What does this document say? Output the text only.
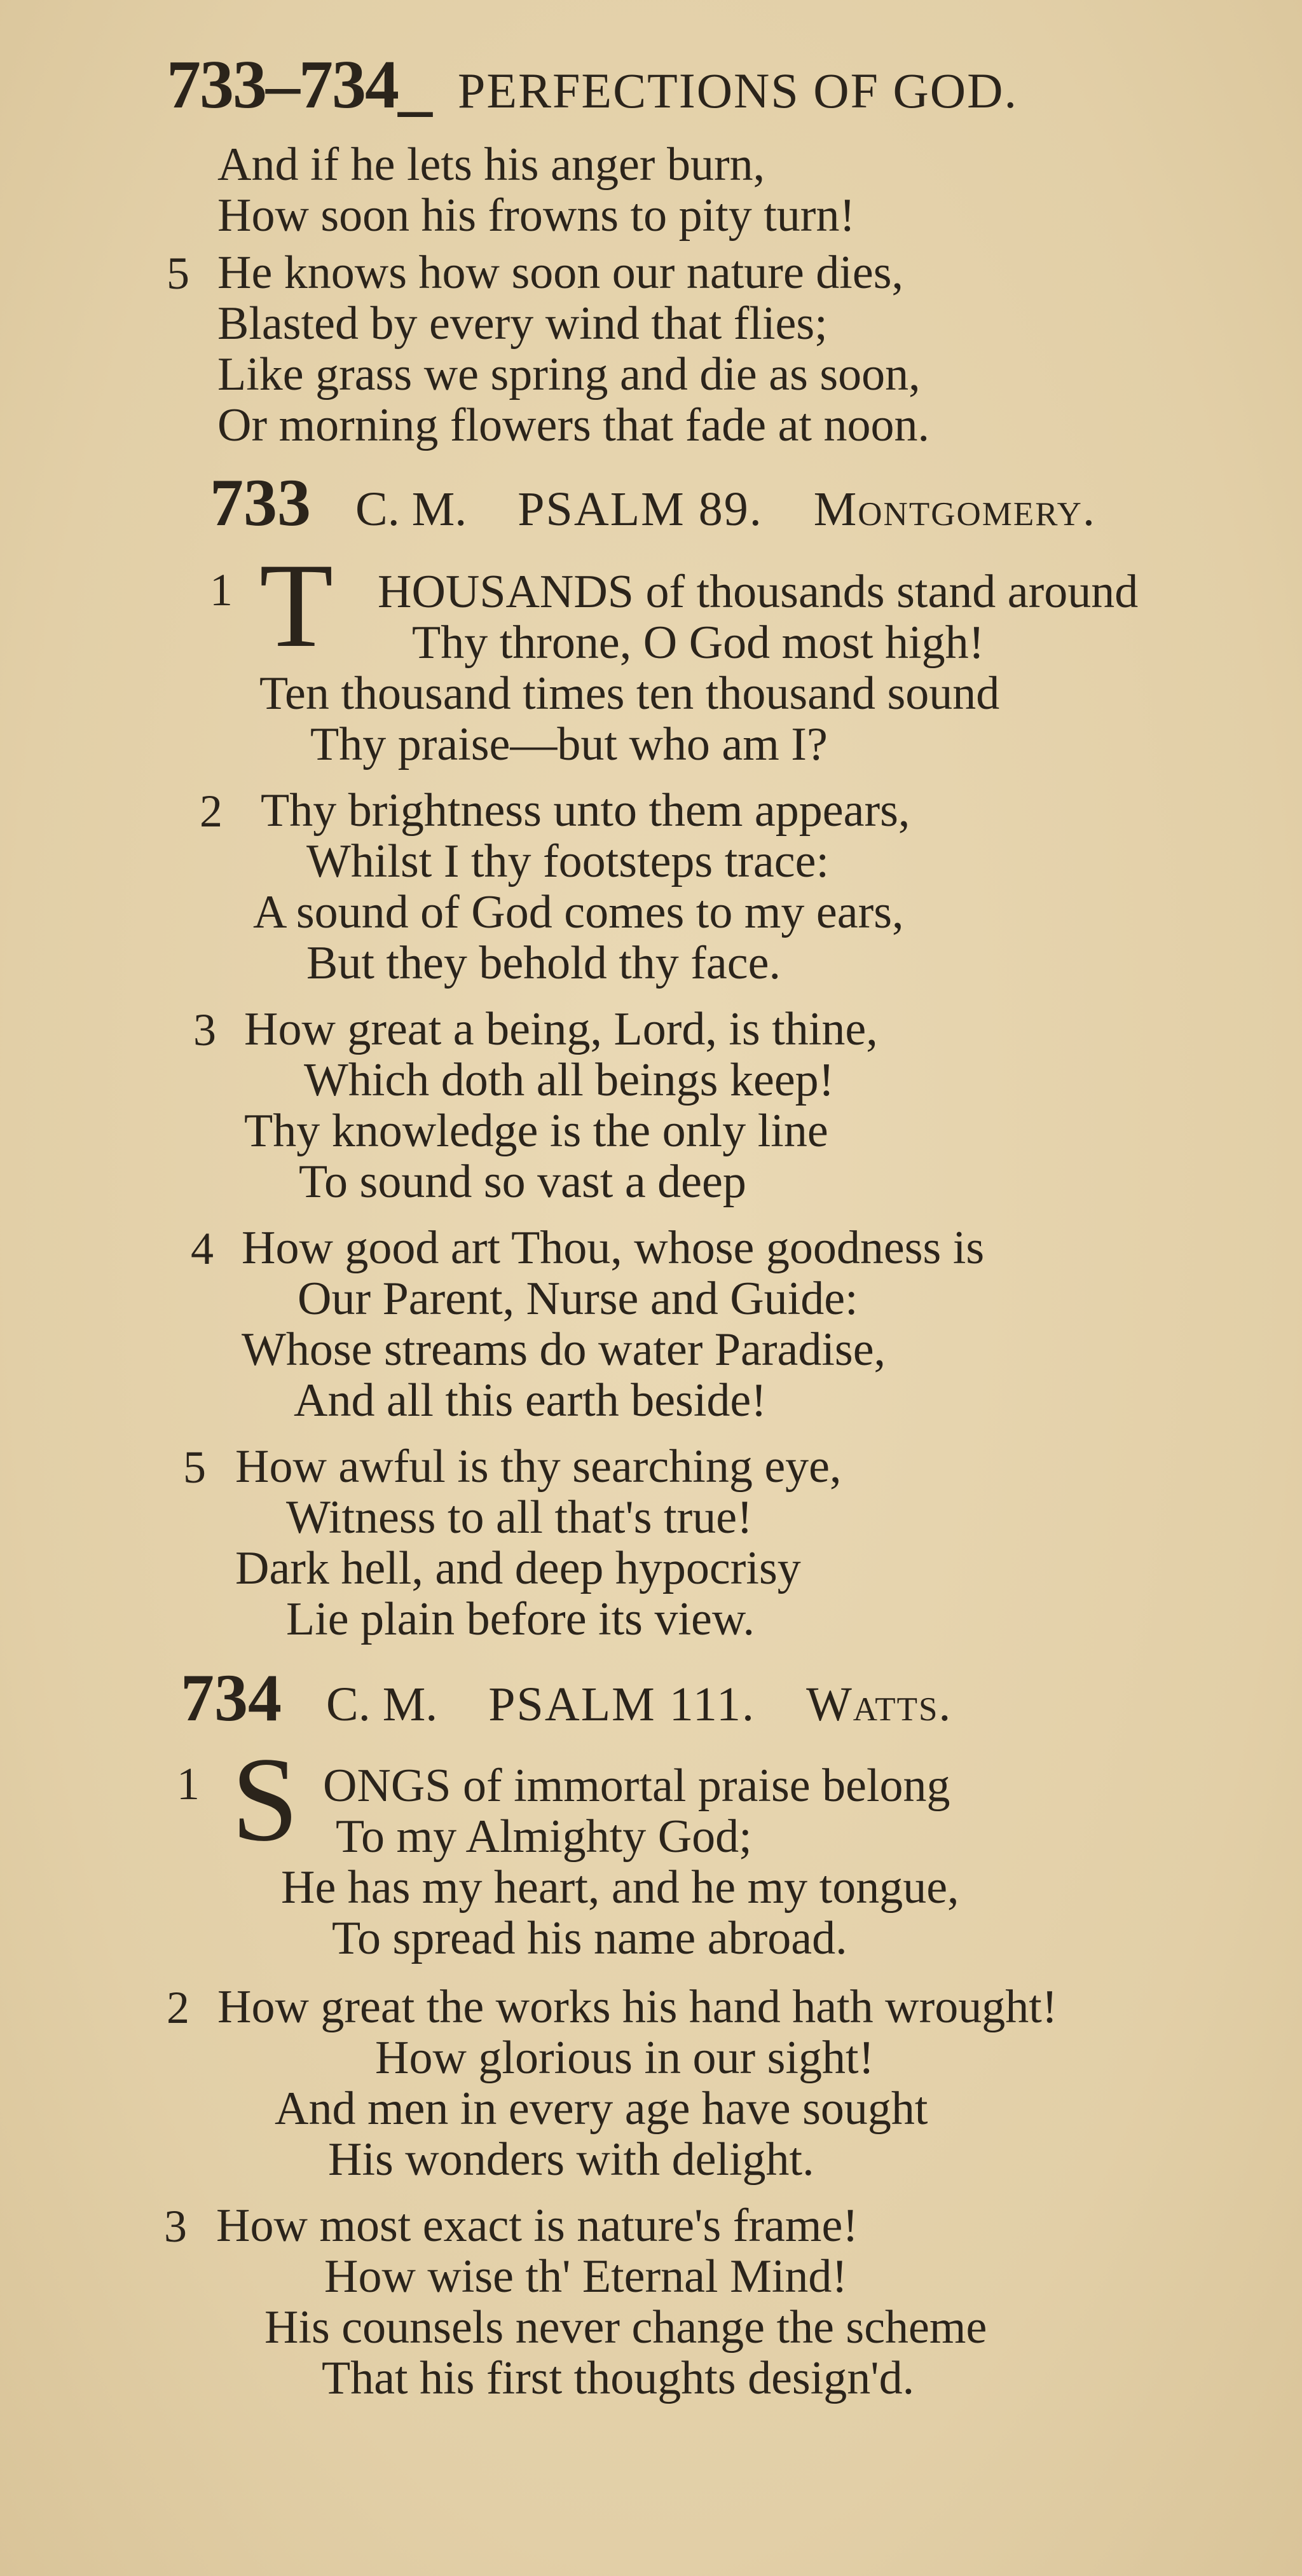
733–734_ PERFECTIONS OF GOD.
And if he lets his anger burn,
How soon his frowns to pity turn!
5 He knows how soon our nature dies,
Blasted by every wind that flies;
Like grass we spring and die as soon,
Or morning flowers that fade at noon.
733 C. M. PSALM 89. Montgomery.
1 T HOUSANDS of thousands stand around
Thy throne, O God most high!
Ten thousand times ten thousand sound
Thy praise—but who am I?
2 Thy brightness unto them appears,
Whilst I thy footsteps trace:
A sound of God comes to my ears,
But they behold thy face.
3 How great a being, Lord, is thine,
Which doth all beings keep!
Thy knowledge is the only line
To sound so vast a deep
4 How good art Thou, whose goodness is
Our Parent, Nurse and Guide:
Whose streams do water Paradise,
And all this earth beside!
5 How awful is thy searching eye,
Witness to all that's true!
Dark hell, and deep hypocrisy
Lie plain before its view.
734 C. M. PSALM 111. Watts.
1 S ONGS of immortal praise belong
To my Almighty God;
He has my heart, and he my tongue,
To spread his name abroad.
2 How great the works his hand hath wrought!
How glorious in our sight!
And men in every age have sought
His wonders with delight.
3 How most exact is nature's frame!
How wise th' Eternal Mind!
His counsels never change the scheme
That his first thoughts design'd.
